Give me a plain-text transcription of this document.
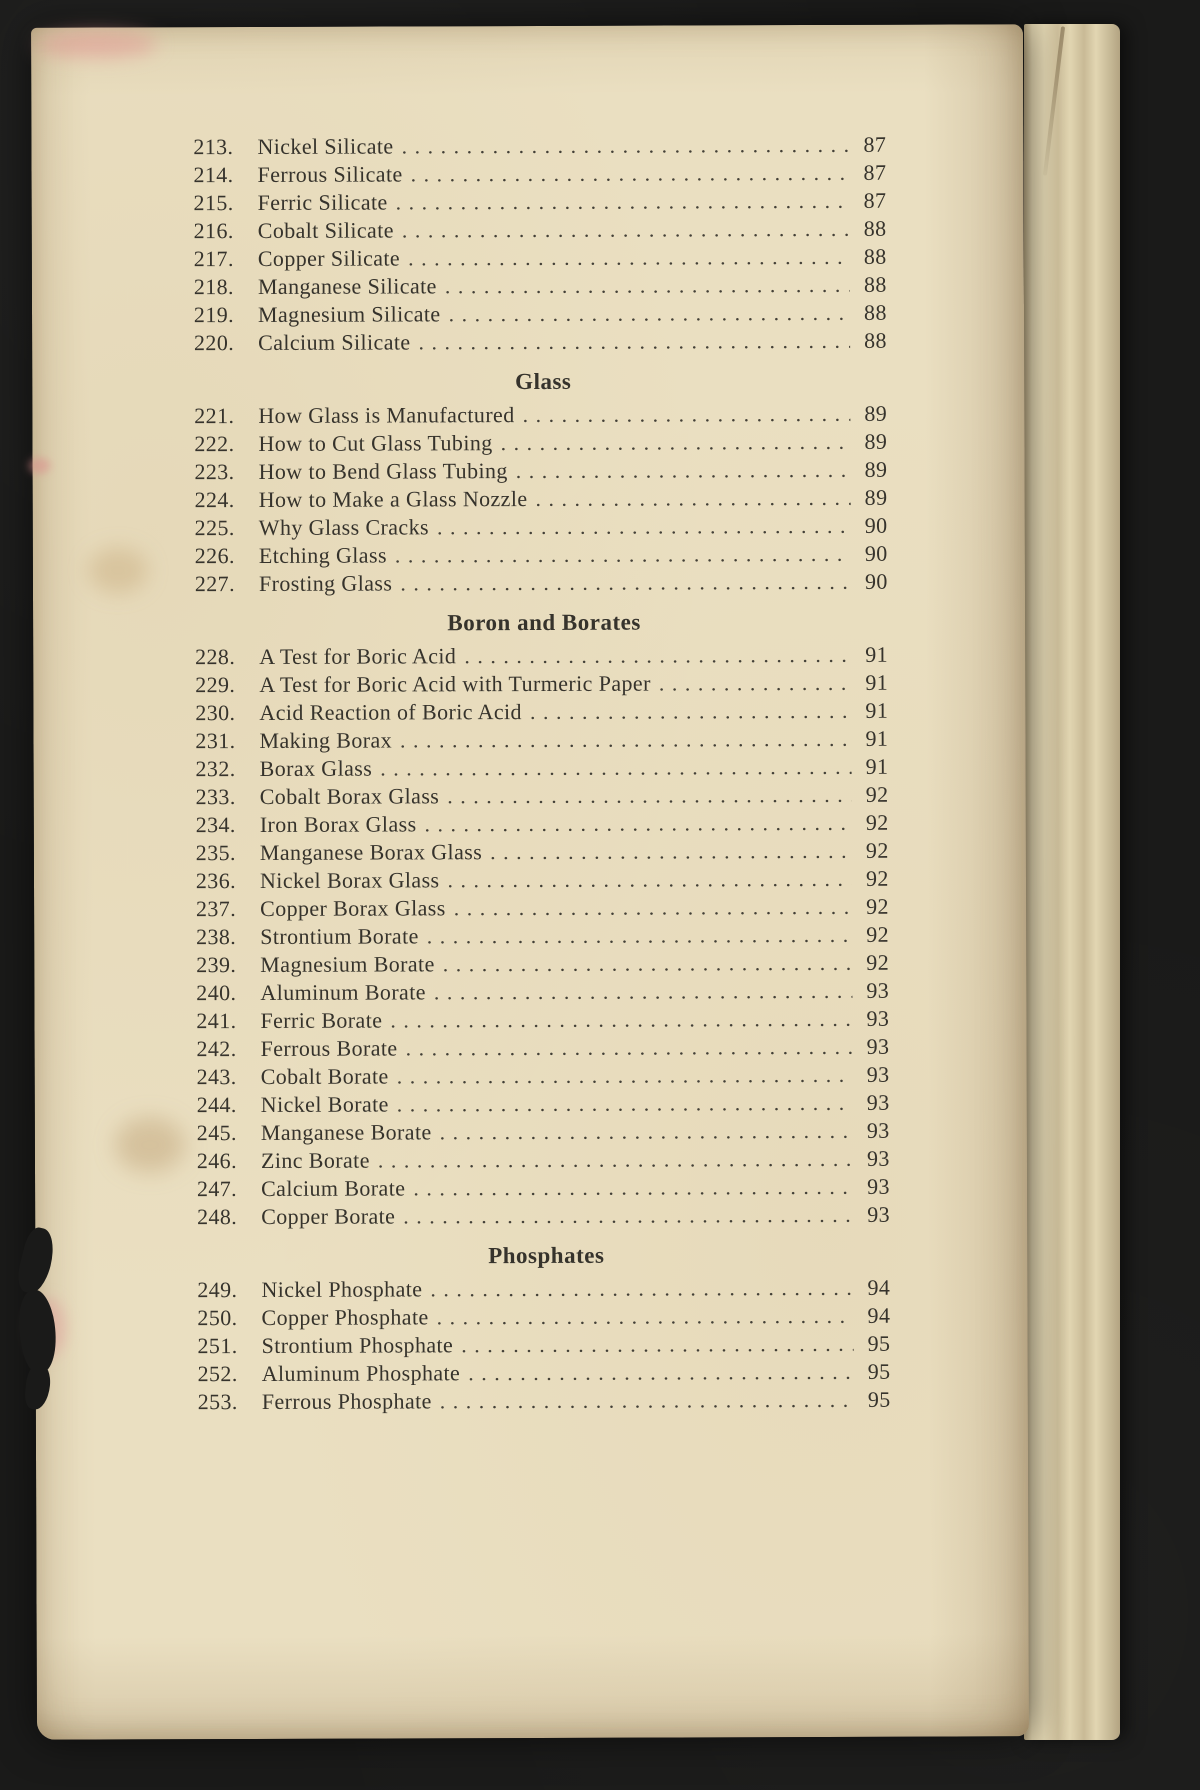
213. Nickel Silicate . . .	87
214. Ferrous Silicate . . .	87
215. Ferric Silicate . . .	87
216. Cobalt Silicate . . .	88
217. Copper Silicate . . .	88
218. Manganese Silicate . . .	88
219. Magnesium Silicate . . .	88
220. Calcium Silicate . . .	88
Glass
221. How Glass is Manufactured . . .	89
222. How to Cut Glass Tubing . . .	89
223. How to Bend Glass Tubing . . .	89
224. How to Make a Glass Nozzle . . .	89
225. Why Glass Cracks . . .	90
226. Etching Glass . . .	90
227. Frosting Glass . . .	90
Boron and Borates
228. A Test for Boric Acid . . .	91
229. A Test for Boric Acid with Turmeric Paper . . .	91
230. Acid Reaction of Boric Acid . . .	91
231. Making Borax . . .	91
232. Borax Glass . . .	91
233. Cobalt Borax Glass . . .	92
234. Iron Borax Glass . . .	92
235. Manganese Borax Glass . . .	92
236. Nickel Borax Glass . . .	92
237. Copper Borax Glass . . .	92
238. Strontium Borate . . .	92
239. Magnesium Borate . . .	92
240. Aluminum Borate . . .	93
241. Ferric Borate . . .	93
242. Ferrous Borate . . .	93
243. Cobalt Borate . . .	93
244. Nickel Borate . . .	93
245. Manganese Borate . . .	93
246. Zinc Borate . . .	93
247. Calcium Borate . . .	93
248. Copper Borate . . .	93
Phosphates
249. Nickel Phosphate . . .	94
250. Copper Phosphate . . .	94
251. Strontium Phosphate . . .	95
252. Aluminum Phosphate . . .	95
253. Ferrous Phosphate . . .	95
